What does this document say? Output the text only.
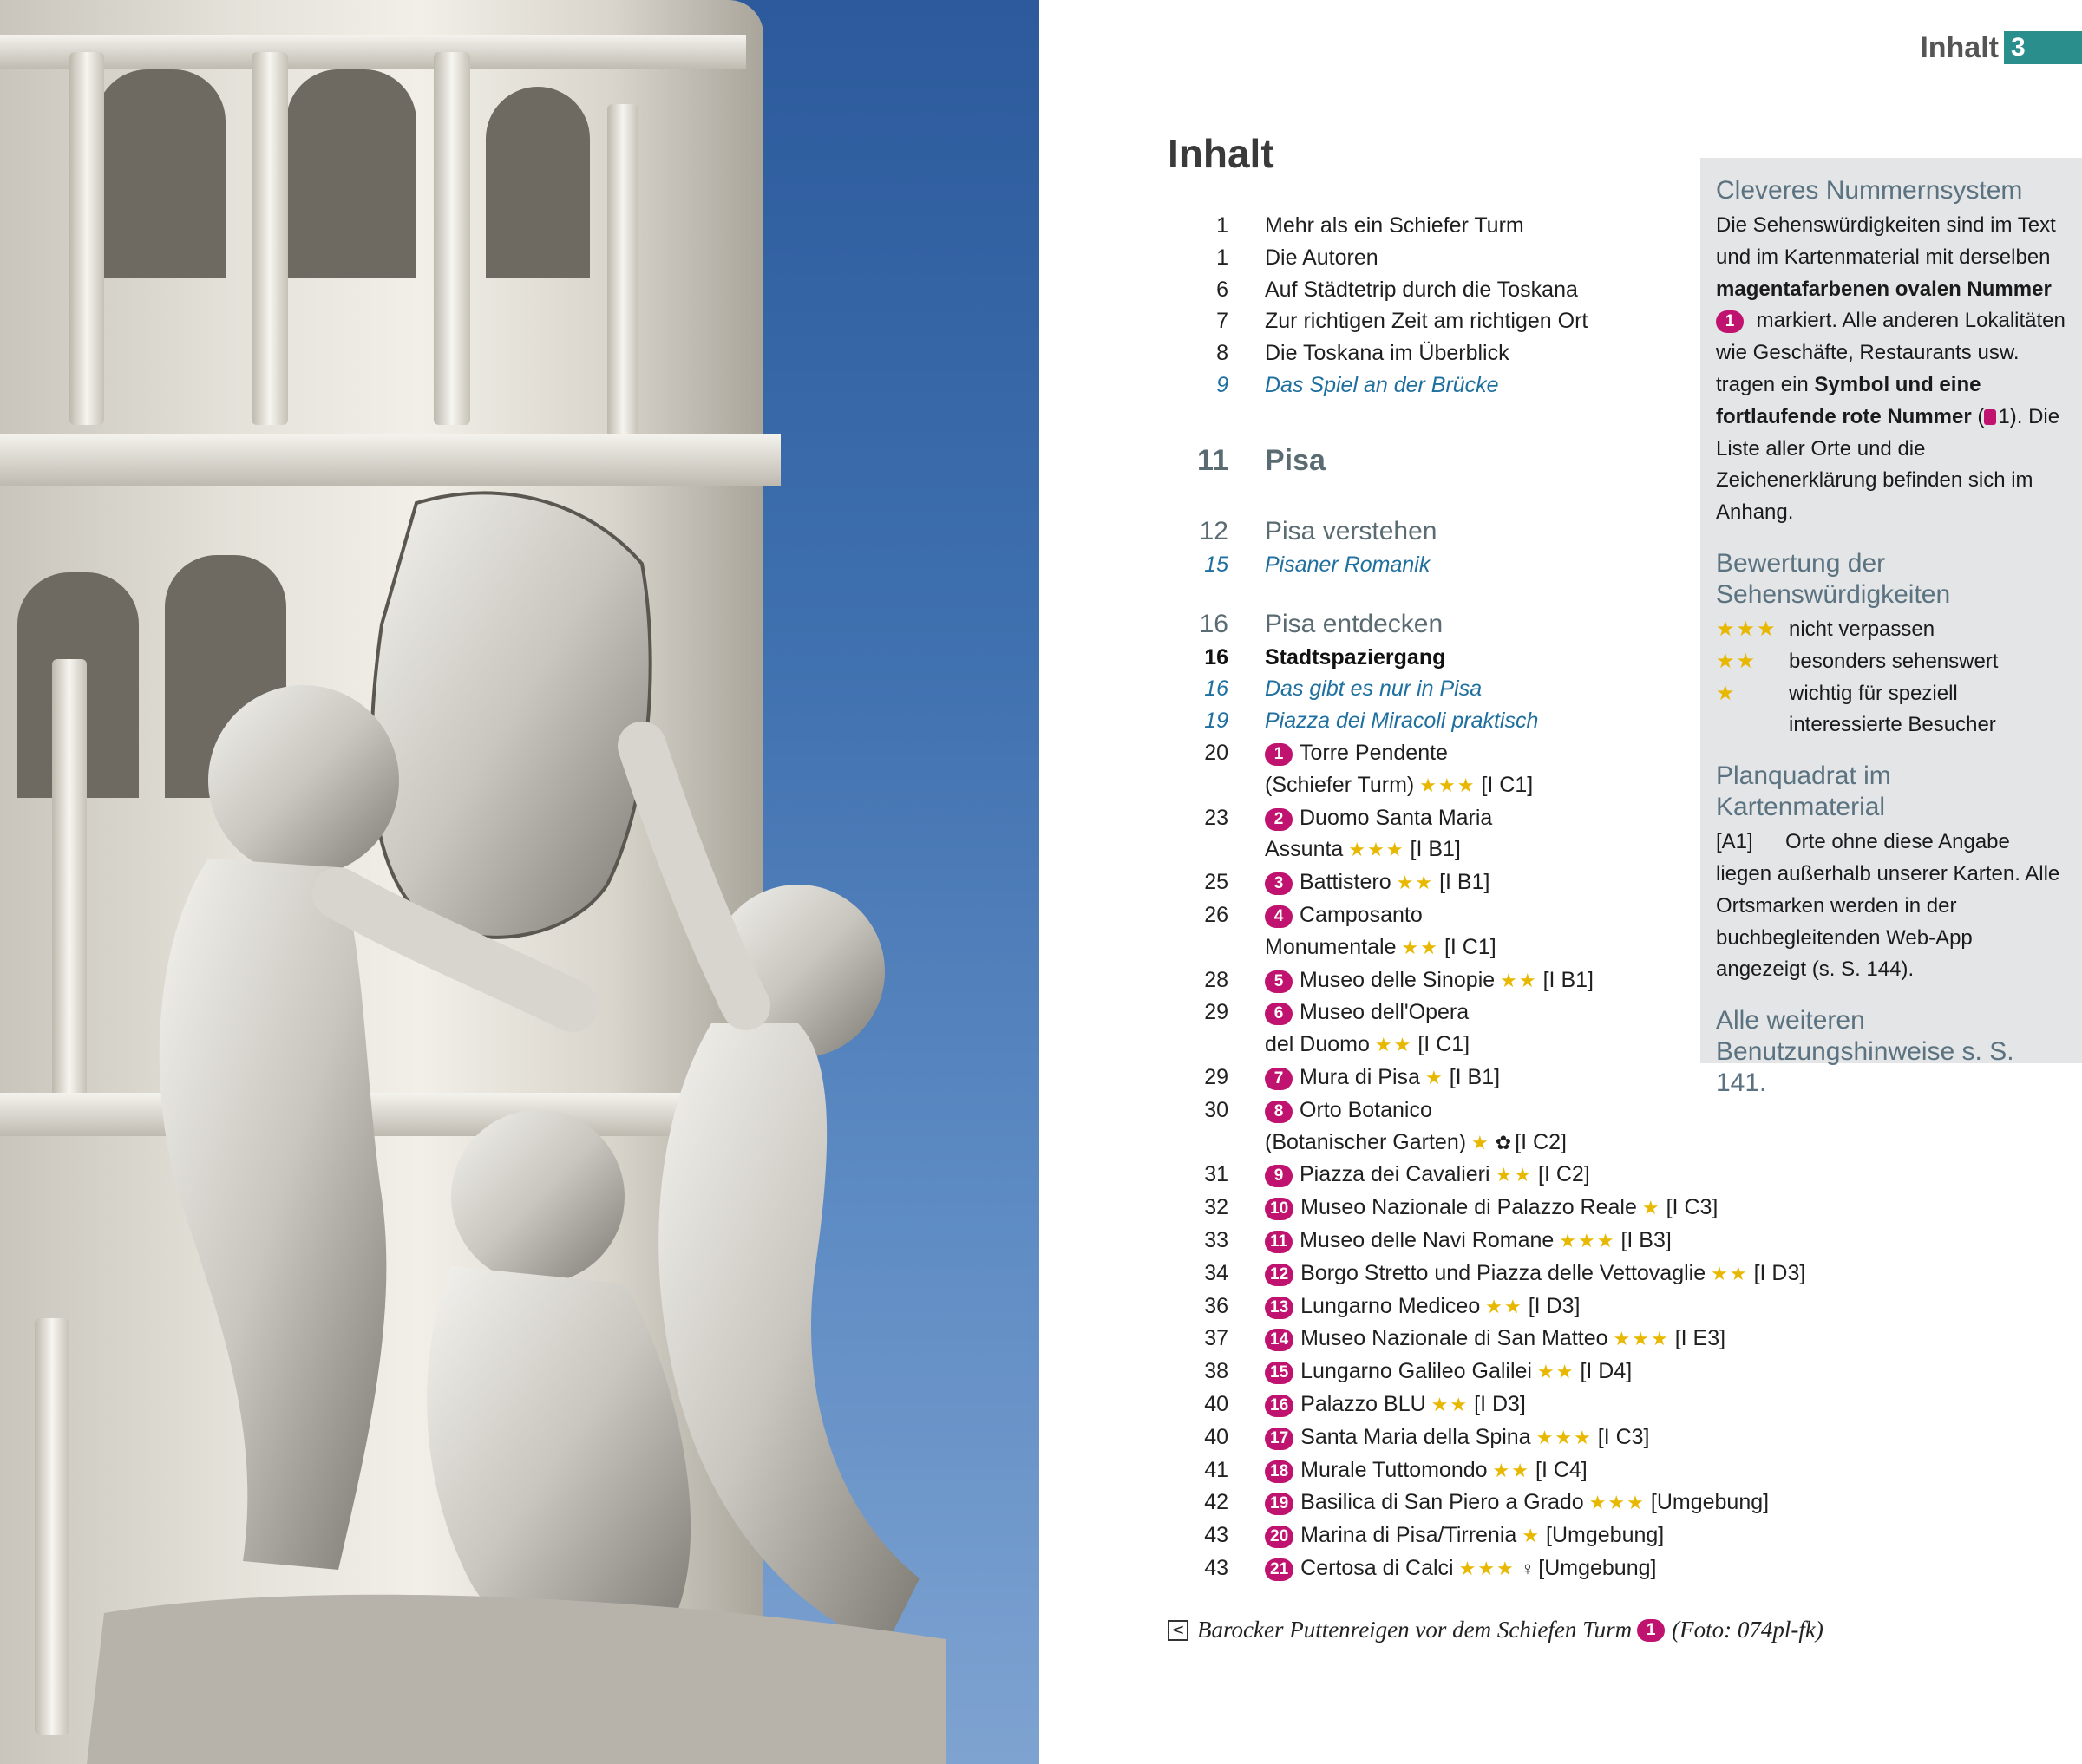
Inhalt 3
Inhalt
1 Mehr als ein Schiefer Turm
1 Die Autoren
6 Auf Städtetrip durch die Toskana
7 Zur richtigen Zeit am richtigen Ort
8 Die Toskana im Überblick
9 Das Spiel an der Brücke
11 Pisa
12 Pisa verstehen
15 Pisaner Romanik
16 Pisa entdecken
16 Stadtspaziergang
16 Das gibt es nur in Pisa
19 Piazza dei Miracoli praktisch
20	1 Torre Pendente
(Schiefer Turm) ★★★ [I C1]
23	2 Duomo Santa Maria
Assunta ★★★ [I B1]
25	3 Battistero ★★ [I B1]
26	4 Camposanto
Monumentale ★★ [I C1]
28	5 Museo delle Sinopie ★★ [I B1]
29	6 Museo dell'Opera
del Duomo ★★ [I C1]
29	7 Mura di Pisa ★ [I B1]
30	8 Orto Botanico
(Botanischer Garten) ★ ✿ [I C2]
31	9 Piazza dei Cavalieri ★★ [I C2]
32	10 Museo Nazionale di Palazzo Reale ★ [I C3]
33	11 Museo delle Navi Romane ★★★ [I B3]
34	12 Borgo Stretto und Piazza delle Vettovaglie ★★ [I D3]
36	13 Lungarno Mediceo ★★ [I D3]
37	14 Museo Nazionale di San Matteo ★★★ [I E3]
38	15 Lungarno Galileo Galilei ★★ [I D4]
40	16 Palazzo BLU ★★ [I D3]
40	17 Santa Maria della Spina ★★★ [I C3]
41	18 Murale Tuttomondo ★★ [I C4]
42	19 Basilica di San Piero a Grado ★★★ [Umgebung]
43	20 Marina di Pisa/Tirrenia ★ [Umgebung]
43	21 Certosa di Calci ★★★ ♀ [Umgebung]
Cleveres Nummernsystem

Die Sehenswürdigkeiten sind im Text und im Kartenmaterial mit derselben magentafarbenen ovalen Nummer
1 markiert. Alle anderen Lokalitäten wie Geschäfte, Restaurants usw. tragen ein Symbol und eine fortlaufende rote Nummer ( 1). Die Liste aller Orte und die Zeichenerklärung befinden sich im Anhang.

Bewertung der Sehenswürdigkeiten
★★★ nicht verpassen
★★	besonders sehenswert
★	wichtig für speziell interessierte Besucher
Planquadrat im Kartenmaterial

[A1] Orte ohne diese Angabe liegen außerhalb unserer Karten. Alle Ortsmarken werden in der buchbegleitenden Web-App angezeigt (s. S. 144).

Alle weiteren Benutzungshinweise s. S. 141.
< Barocker Puttenreigen vor dem Schiefen Turm 1 (Foto: 074pl-fk)
